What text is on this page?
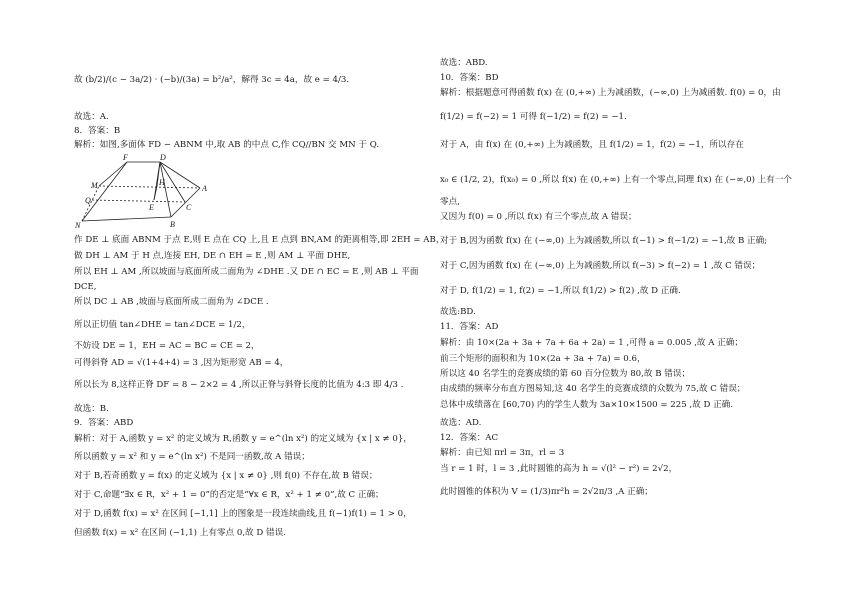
故 (b/2)/(c − 3a/2) · (−b)/(3a) = b²/a²，解得 3c = 4a，故 e = 4/3．
故选：A.
8．答案：B
解析：如图,多面体 FD − ABNM 中,取 AB 的中点 C,作 CQ//BN 交 MN 于 Q.
F	D
M	H
A
Q
E	C
N	B
作 DE ⊥ 底面 ABNM 于点 E,则 E 点在 CQ 上,且 E 点到 BN,AM 的距离相等,即 2EH = AB，
做 DH ⊥ AM 于 H 点,连接 EH, DE ∩ EH = E ,则 AM ⊥ 平面 DHE,
所以 EH ⊥ AM ,所以坡面与底面所成二面角为 ∠DHE .又 DE ∩ EC = E ,则 AB ⊥ 平面
DCE,
所以 DC ⊥ AB ,坡面与底面所成二面角为 ∠DCE .
所以正切值 tan∠DHE = tan∠DCE = 1/2，
不妨设 DE = 1，EH = AC = BC = CE = 2，
可得斜脊 AD = √(1+4+4) = 3 ,因为矩形宽 AB = 4，
所以长为 8,这样正脊 DF = 8 − 2×2 = 4 ,所以正脊与斜脊长度的比值为 4:3 即 4/3 .
故选：B.
9．答案：ABD
解析：对于 A,函数 y = x² 的定义域为 R,函数 y = e^(ln x²) 的定义域为 {x | x ≠ 0}，
所以函数 y = x² 和 y = e^(ln x²) 不是同一函数,故 A 错误；
对于 B,若奇函数 y = f(x) 的定义域为 {x | x ≠ 0} ,则 f(0) 不存在,故 B 错误；
对于 C,命题“∃x ∈ R，x² + 1 = 0”的否定是“∀x ∈ R，x² + 1 ≠ 0”,故 C 正确；
对于 D,函数 f(x) = x² 在区间 [−1,1] 上的图象是一段连续曲线,且 f(−1)f(1) = 1 > 0，
但函数 f(x) = x² 在区间 (−1,1) 上有零点 0,故 D 错误.
故选：ABD.
10．答案：BD
解析：根据题意可得函数 f(x) 在 (0,+∞) 上为减函数，(−∞,0) 上为减函数. f(0) = 0，由
f(1/2) = f(−2) = 1 可得 f(−1/2) = f(2) = −1.
对于 A，由 f(x) 在 (0,+∞) 上为减函数，且 f(1/2) = 1，f(2) = −1，所以存在
x₀ ∈ (1/2, 2)，f(x₀) = 0 ,所以 f(x) 在 (0,+∞) 上有一个零点,同理 f(x) 在 (−∞,0) 上有一个
零点,
又因为 f(0) = 0 ,所以 f(x) 有三个零点,故 A 错误；
对于 B,因为函数 f(x) 在 (−∞,0) 上为减函数,所以 f(−1) > f(−1/2) = −1,故 B 正确;
对于 C,因为函数 f(x) 在 (−∞,0) 上为减函数,所以 f(−3) > f(−2) = 1 ,故 C 错误；
对于 D, f(1/2) = 1, f(2) = −1,所以 f(1/2) > f(2) ,故 D 正确.
故选:BD.
11．答案：AD
解析：由 10×(2a + 3a + 7a + 6a + 2a) = 1 ,可得 a = 0.005 ,故 A 正确；
前三个矩形的面积和为 10×(2a + 3a + 7a) = 0.6，
所以这 40 名学生的竞赛成绩的第 60 百分位数为 80,故 B 错误；
由成绩的频率分布直方图易知,这 40 名学生的竞赛成绩的众数为 75,故 C 错误；
总体中成绩落在 [60,70) 内的学生人数为 3a×10×1500 = 225 ,故 D 正确.
故选：AD.
12．答案：AC
解析：由已知 πrl = 3π，rl = 3
当 r = 1 时，l = 3 ,此时圆锥的高为 h = √(l² − r²) = 2√2，
此时圆锥的体积为 V = (1/3)πr²h = 2√2π/3 ,A 正确；
